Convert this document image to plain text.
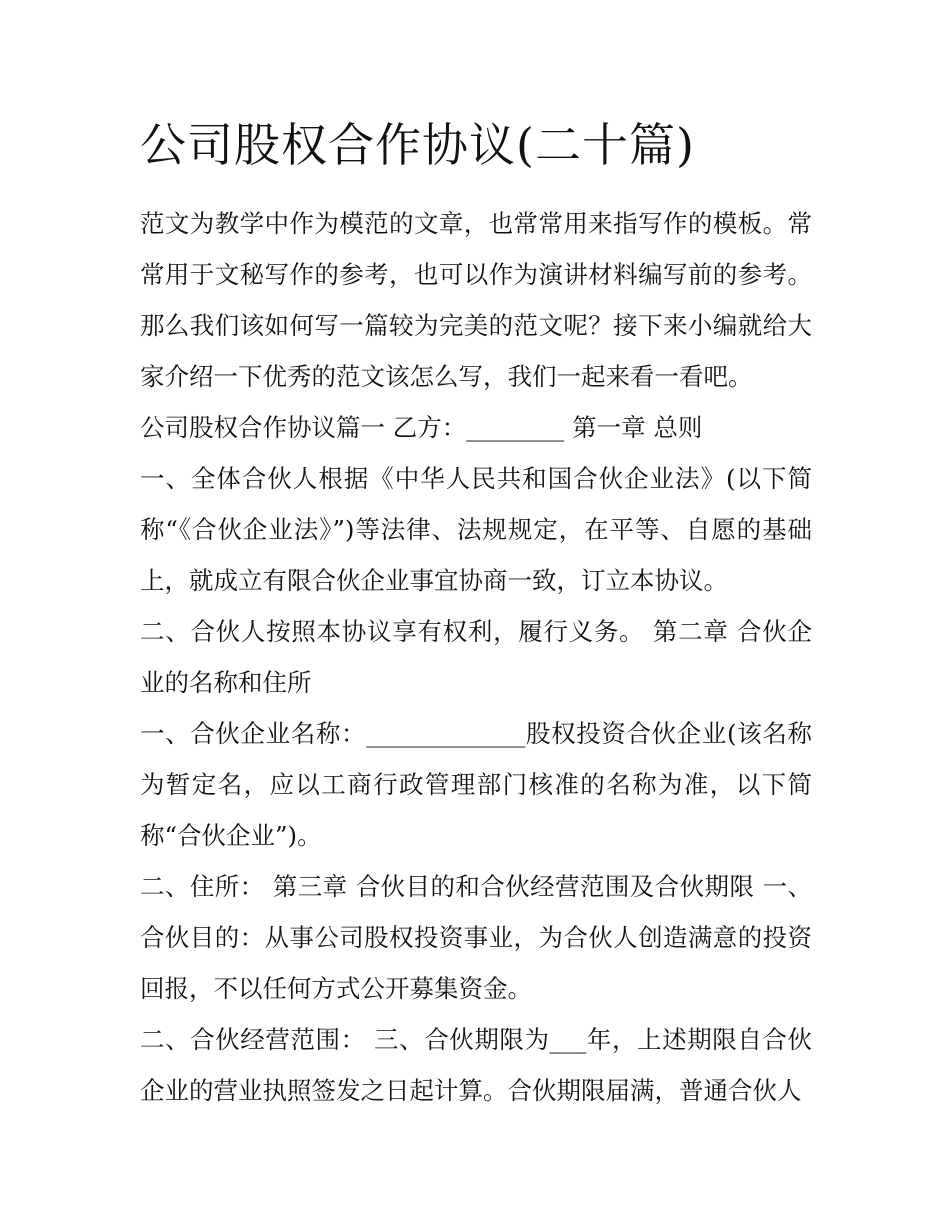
公司股权合作协议(二十篇)

范文为教学中作为模范的文章，也常常用来指写作的模板。常常用于文秘写作的参考，也可以作为演讲材料编写前的参考。那么我们该如何写一篇较为完美的范文呢？接下来小编就给大家介绍一下优秀的范文该怎么写，我们一起来看一看吧。

公司股权合作协议篇一 乙方：________ 第一章 总则

一、全体合伙人根据《中华人民共和国合伙企业法》(以下简称“《合伙企业法》”)等法律、法规规定，在平等、自愿的基础上，就成立有限合伙企业事宜协商一致，订立本协议。

二、合伙人按照本协议享有权利，履行义务。 第二章 合伙企业的名称和住所

一、合伙企业名称：_____________股权投资合伙企业(该名称为暂定名，应以工商行政管理部门核准的名称为准，以下简称“合伙企业”)。

二、住所： 第三章 合伙目的和合伙经营范围及合伙期限 一、合伙目的：从事公司股权投资事业，为合伙人创造满意的投资回报，不以任何方式公开募集资金。

二、合伙经营范围： 三、合伙期限为___年，上述期限自合伙企业的营业执照签发之日起计算。合伙期限届满，普通合伙人
